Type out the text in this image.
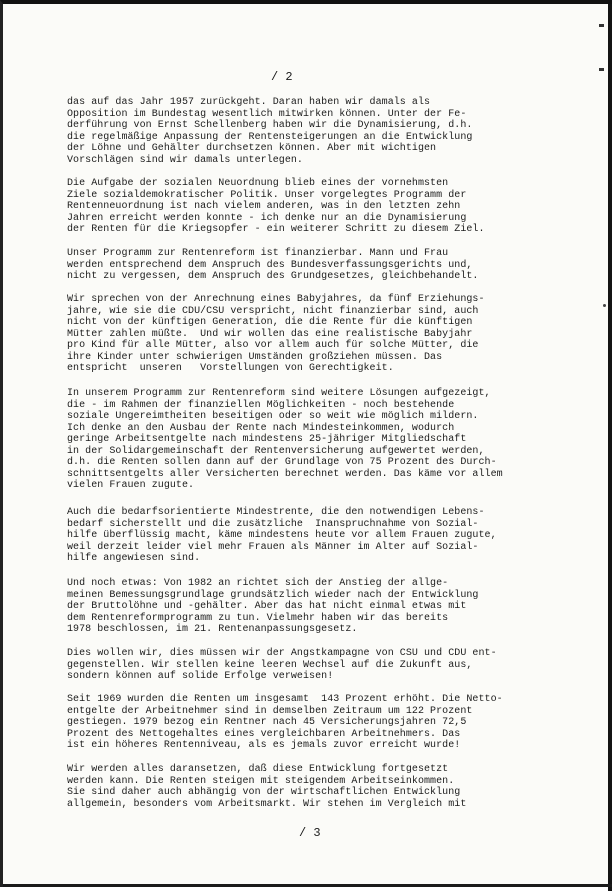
/ 2
das auf das Jahr 1957 zurückgeht. Daran haben wir damals als
Opposition im Bundestag wesentlich mitwirken können. Unter der Fe-
derführung von Ernst Schellenberg haben wir die Dynamisierung, d.h.
die regelmäßige Anpassung der Rentensteigerungen an die Entwicklung
der Löhne und Gehälter durchsetzen können. Aber mit wichtigen
Vorschlägen sind wir damals unterlegen.
Die Aufgabe der sozialen Neuordnung blieb eines der vornehmsten
Ziele sozialdemokratischer Politik. Unser vorgelegtes Programm der
Rentenneuordnung ist nach vielem anderen, was in den letzten zehn
Jahren erreicht werden konnte - ich denke nur an die Dynamisierung
der Renten für die Kriegsopfer - ein weiterer Schritt zu diesem Ziel.
Unser Programm zur Rentenreform ist finanzierbar. Mann und Frau
werden entsprechend dem Anspruch des Bundesverfassungsgerichts und,
nicht zu vergessen, dem Anspruch des Grundgesetzes, gleichbehandelt.
Wir sprechen von der Anrechnung eines Babyjahres, da fünf Erziehungs-
jahre, wie sie die CDU/CSU verspricht, nicht finanzierbar sind, auch
nicht von der künftigen Generation, die die Rente für die künftigen
Mütter zahlen müßte.  Und wir wollen das eine realistische Babyjahr
pro Kind für alle Mütter, also vor allem auch für solche Mütter, die
ihre Kinder unter schwierigen Umständen großziehen müssen. Das
entspricht  unseren   Vorstellungen von Gerechtigkeit.
In unserem Programm zur Rentenreform sind weitere Lösungen aufgezeigt,
die - im Rahmen der finanziellen Möglichkeiten - noch bestehende
soziale Ungereimtheiten beseitigen oder so weit wie möglich mildern.
Ich denke an den Ausbau der Rente nach Mindesteinkommen, wodurch
geringe Arbeitsentgelte nach mindestens 25-jähriger Mitgliedschaft
in der Solidargemeinschaft der Rentenversicherung aufgewertet werden,
d.h. die Renten sollen dann auf der Grundlage von 75 Prozent des Durch-
schnittsentgelts aller Versicherten berechnet werden. Das käme vor allem
vielen Frauen zugute.
Auch die bedarfsorientierte Mindestrente, die den notwendigen Lebens-
bedarf sicherstellt und die zusätzliche  Inanspruchnahme von Sozial-
hilfe überflüssig macht, käme mindestens heute vor allem Frauen zugute,
weil derzeit leider viel mehr Frauen als Männer im Alter auf Sozial-
hilfe angewiesen sind.
Und noch etwas: Von 1982 an richtet sich der Anstieg der allge-
meinen Bemessungsgrundlage grundsätzlich wieder nach der Entwicklung
der Bruttolöhne und -gehälter. Aber das hat nicht einmal etwas mit
dem Rentenreformprogramm zu tun. Vielmehr haben wir das bereits
1978 beschlossen, im 21. Rentenanpassungsgesetz.
Dies wollen wir, dies müssen wir der Angstkampagne von CSU und CDU ent-
gegenstellen. Wir stellen keine leeren Wechsel auf die Zukunft aus,
sondern können auf solide Erfolge verweisen!
Seit 1969 wurden die Renten um insgesamt  143 Prozent erhöht. Die Netto-
entgelte der Arbeitnehmer sind in demselben Zeitraum um 122 Prozent
gestiegen. 1979 bezog ein Rentner nach 45 Versicherungsjahren 72,5
Prozent des Nettogehaltes eines vergleichbaren Arbeitnehmers. Das
ist ein höheres Rentenniveau, als es jemals zuvor erreicht wurde!
Wir werden alles daransetzen, daß diese Entwicklung fortgesetzt
werden kann. Die Renten steigen mit steigendem Arbeitseinkommen.
Sie sind daher auch abhängig von der wirtschaftlichen Entwicklung
allgemein, besonders vom Arbeitsmarkt. Wir stehen im Vergleich mit
/ 3
